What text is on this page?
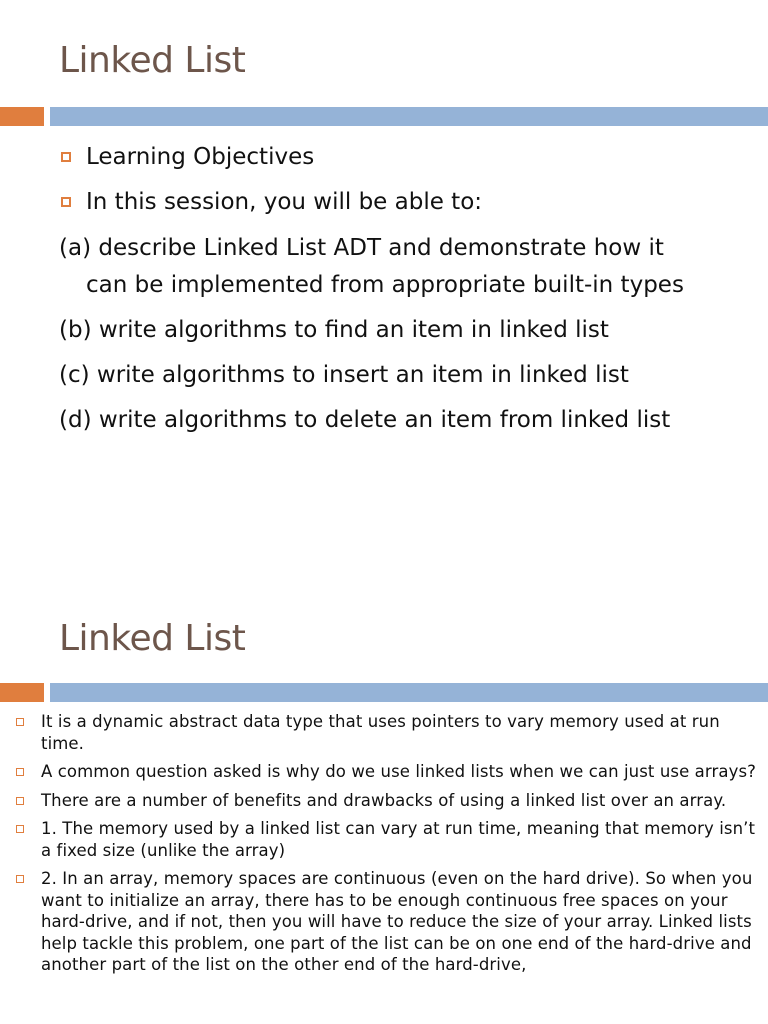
Linked List
Learning Objectives
In this session, you will be able to:
(a) describe Linked List ADT and demonstrate how it
can be implemented from appropriate built-in types
(b) write algorithms to find an item in linked list
(c) write algorithms to insert an item in linked list
(d) write algorithms to delete an item from linked list
Linked List
It is a dynamic abstract data type that uses pointers to vary memory used at run time.
A common question asked is why do we use linked lists when we can just use arrays?
There are a number of benefits and drawbacks of using a linked list over an array.
1. The memory used by a linked list can vary at run time, meaning that memory isn’t a fixed size (unlike the array)
2. In an array, memory spaces are continuous (even on the hard drive). So when you want to initialize an array, there has to be enough continuous free spaces on your hard-drive, and if not, then you will have to reduce the size of your array. Linked lists help tackle this problem, one part of the list can be on one end of the hard-drive and another part of the list on the other end of the hard-drive,
